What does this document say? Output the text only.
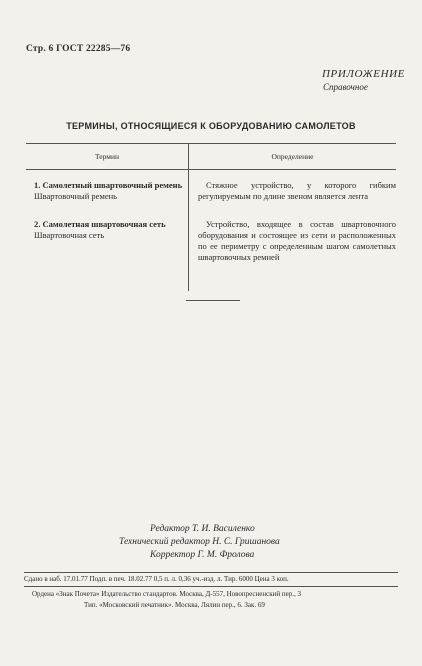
Стр. 6 ГОСТ 22285—76
ПРИЛОЖЕНИЕ
Справочное
ТЕРМИНЫ, ОТНОСЯЩИЕСЯ К ОБОРУДОВАНИЮ САМОЛЕТОВ
Термин	Определение
1. Самолетный швартовочный ремень
Швартовочный ремень
Стяжное устройство, у которого гибким регулируемым по длине звеном является лента
2. Самолетная швартовочная сеть
Швартовочная сеть
Устройство, входящее в состав швартовочного оборудования и состоящее из сети и расположенных по ее периметру с определенным шагом самолетных швартовочных ремней
Редактор Т. И. Василенко
Технический редактор Н. С. Гришанова
Корректор Г. М. Фролова
Сдано в наб. 17.01.77 Подп. в печ. 18.02.77 0,5 п. л. 0,36 уч.-изд. л. Тир. 6000 Цена 3 коп.
Ордена «Знак Почета» Издательство стандартов. Москва, Д-557, Новопресненский пер., 3
Тип. «Московский печатник». Москва, Лялин пер., 6. Зак. 69
